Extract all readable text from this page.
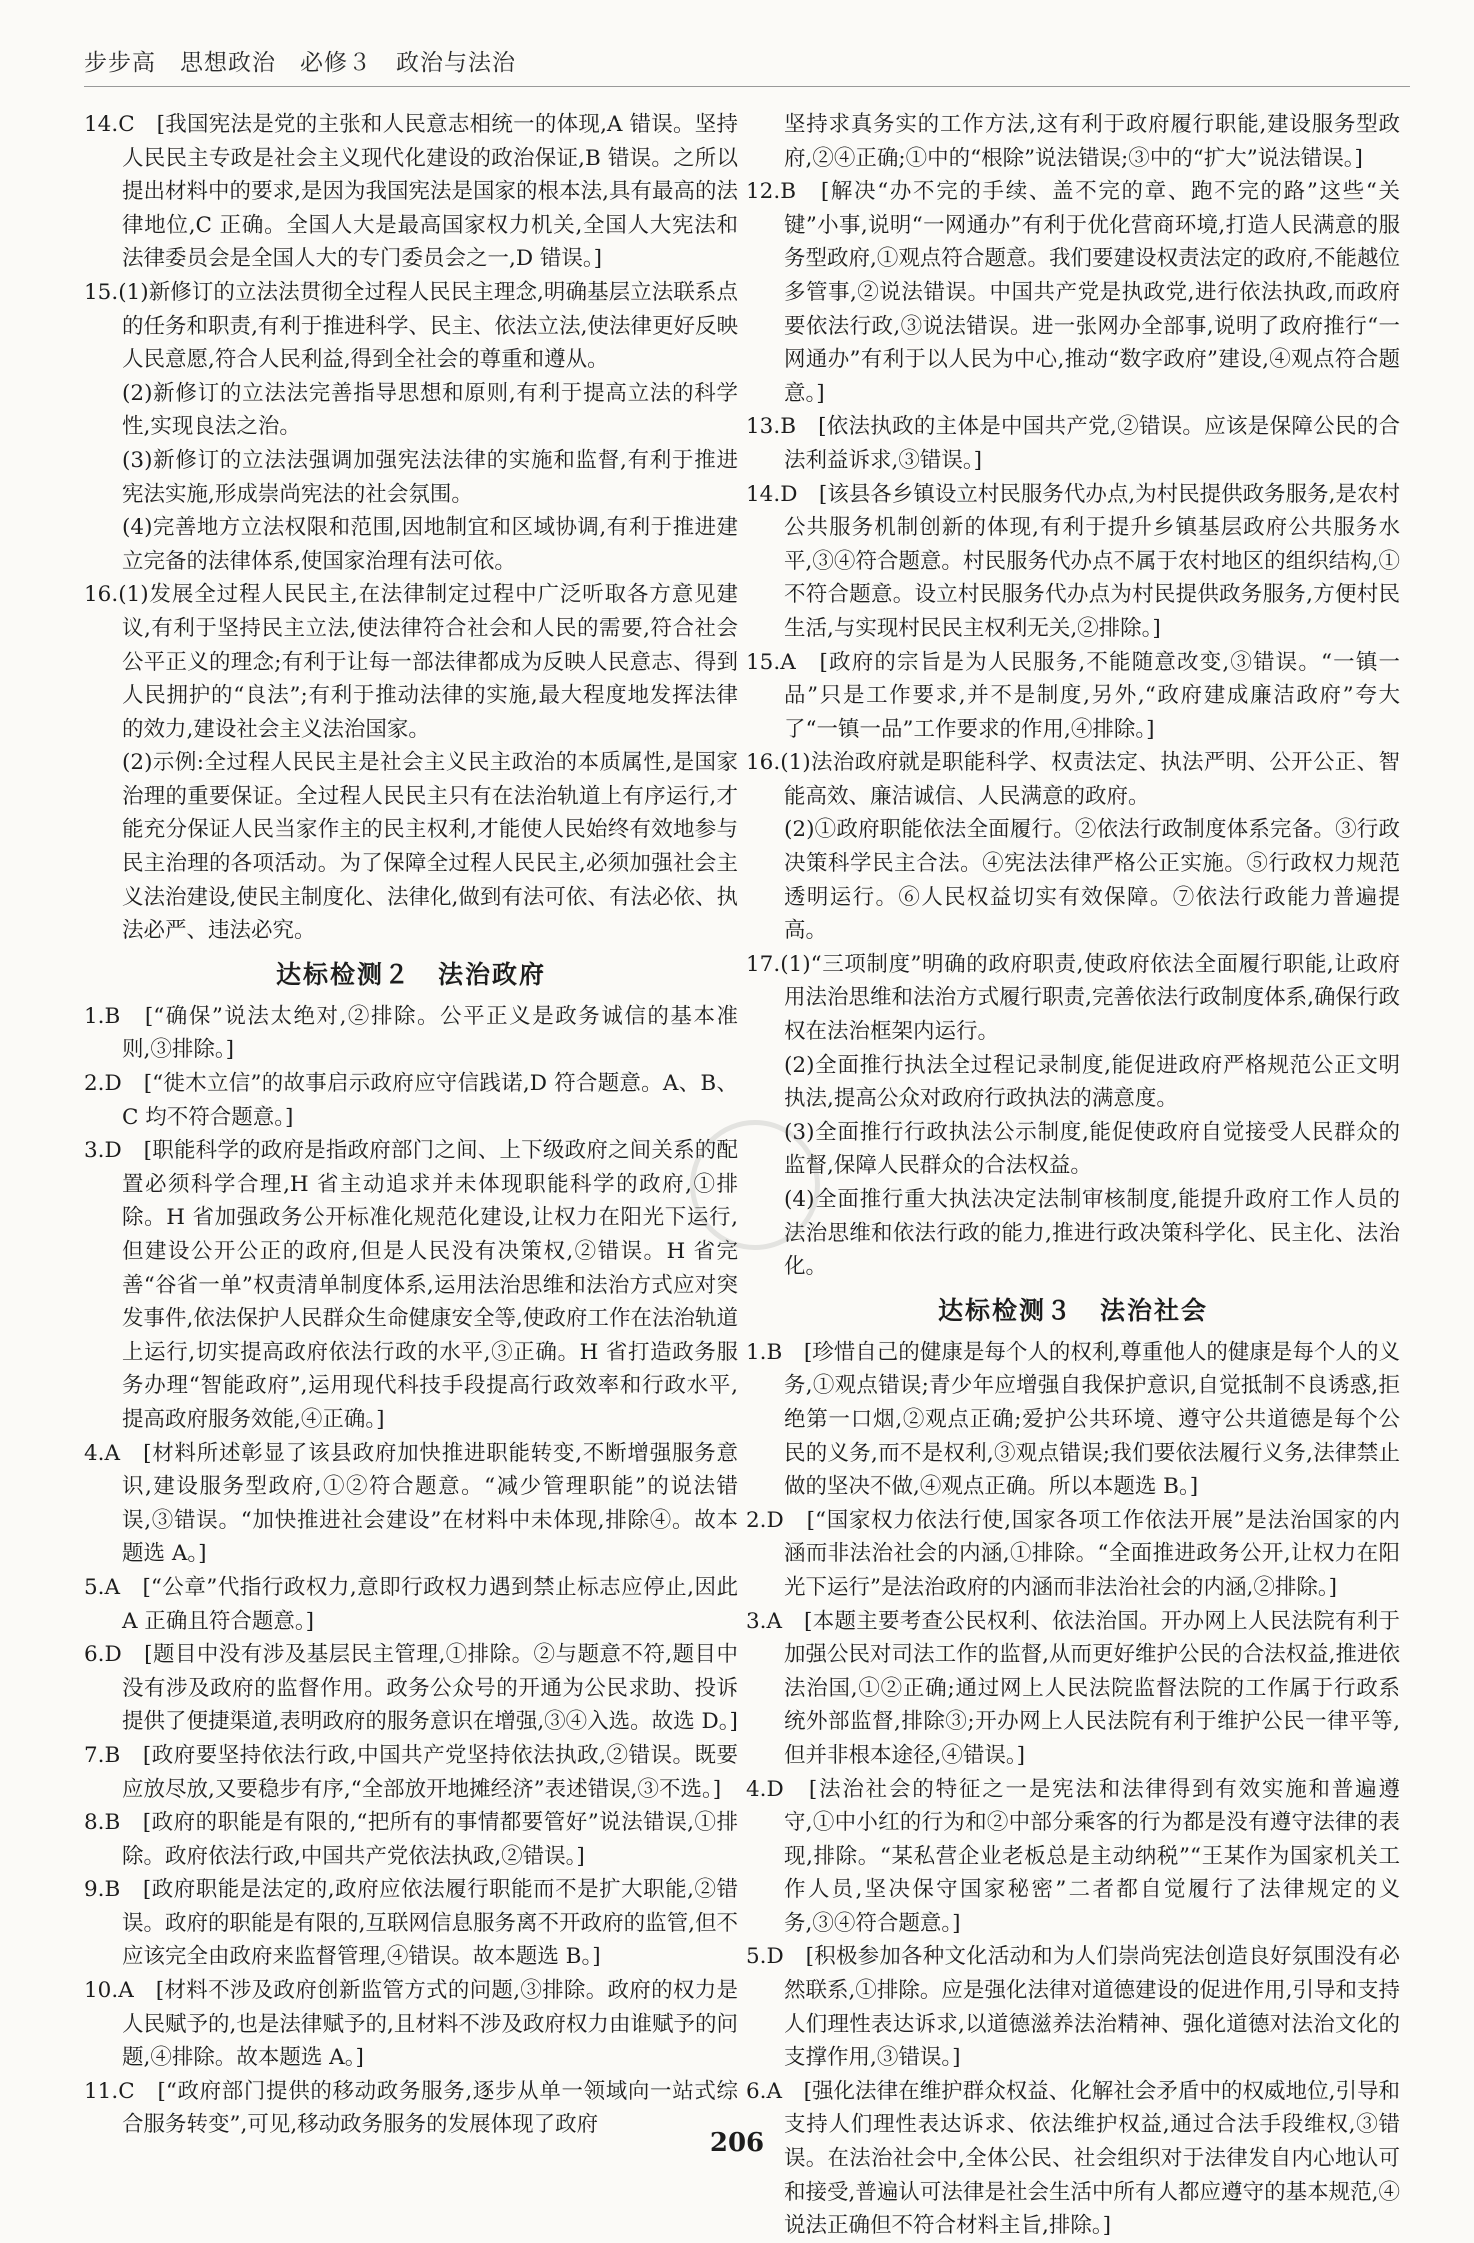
步步高　思想政治　必修３　政治与法治

14.C　[我国宪法是党的主张和人民意志相统一的体现,A 错误。坚持人民民主专政是社会主义现代化建设的政治保证,B 错误。之所以提出材料中的要求,是因为我国宪法是国家的根本法,具有最高的法律地位,C 正确。全国人大是最高国家权力机关,全国人大宪法和法律委员会是全国人大的专门委员会之一,D 错误。]

15.(1)新修订的立法法贯彻全过程人民民主理念,明确基层立法联系点的任务和职责,有利于推进科学、民主、依法立法,使法律更好反映人民意愿,符合人民利益,得到全社会的尊重和遵从。

(2)新修订的立法法完善指导思想和原则,有利于提高立法的科学性,实现良法之治。

(3)新修订的立法法强调加强宪法法律的实施和监督,有利于推进宪法实施,形成崇尚宪法的社会氛围。

(4)完善地方立法权限和范围,因地制宜和区域协调,有利于推进建立完备的法律体系,使国家治理有法可依。

16.(1)发展全过程人民民主,在法律制定过程中广泛听取各方意见建议,有利于坚持民主立法,使法律符合社会和人民的需要,符合社会公平正义的理念;有利于让每一部法律都成为反映人民意志、得到人民拥护的“良法”;有利于推动法律的实施,最大程度地发挥法律的效力,建设社会主义法治国家。

(2)示例:全过程人民民主是社会主义民主政治的本质属性,是国家治理的重要保证。全过程人民民主只有在法治轨道上有序运行,才能充分保证人民当家作主的民主权利,才能使人民始终有效地参与民主治理的各项活动。为了保障全过程人民民主,必须加强社会主义法治建设,使民主制度化、法律化,做到有法可依、有法必依、执法必严、违法必究。

达标检测２　法治政府

1.B　[“确保”说法太绝对,②排除。公平正义是政务诚信的基本准则,③排除。]

2.D　[“徙木立信”的故事启示政府应守信践诺,D 符合题意。A、B、C 均不符合题意。]

3.D　[职能科学的政府是指政府部门之间、上下级政府之间关系的配置必须科学合理,H 省主动追求并未体现职能科学的政府,①排除。H 省加强政务公开标准化规范化建设,让权力在阳光下运行,但建设公开公正的政府,但是人民没有决策权,②错误。H 省完善“谷省一单”权责清单制度体系,运用法治思维和法治方式应对突发事件,依法保护人民群众生命健康安全等,使政府工作在法治轨道上运行,切实提高政府依法行政的水平,③正确。H 省打造政务服务办理“智能政府”,运用现代科技手段提高行政效率和行政水平,提高政府服务效能,④正确。]

4.A　[材料所述彰显了该县政府加快推进职能转变,不断增强服务意识,建设服务型政府,①②符合题意。“减少管理职能”的说法错误,③错误。“加快推进社会建设”在材料中未体现,排除④。故本题选 A。]

5.A　[“公章”代指行政权力,意即行政权力遇到禁止标志应停止,因此 A 正确且符合题意。]

6.D　[题目中没有涉及基层民主管理,①排除。②与题意不符,题目中没有涉及政府的监督作用。政务公众号的开通为公民求助、投诉提供了便捷渠道,表明政府的服务意识在增强,③④入选。故选 D。]

7.B　[政府要坚持依法行政,中国共产党坚持依法执政,②错误。既要应放尽放,又要稳步有序,“全部放开地摊经济”表述错误,③不选。]

8.B　[政府的职能是有限的,“把所有的事情都要管好”说法错误,①排除。政府依法行政,中国共产党依法执政,②错误。]

9.B　[政府职能是法定的,政府应依法履行职能而不是扩大职能,②错误。政府的职能是有限的,互联网信息服务离不开政府的监管,但不应该完全由政府来监督管理,④错误。故本题选 B。]

10.A　[材料不涉及政府创新监管方式的问题,③排除。政府的权力是人民赋予的,也是法律赋予的,且材料不涉及政府权力由谁赋予的问题,④排除。故本题选 A。]

11.C　[“政府部门提供的移动政务服务,逐步从单一领域向一站式综合服务转变”,可见,移动政务服务的发展体现了政府

坚持求真务实的工作方法,这有利于政府履行职能,建设服务型政府,②④正确;①中的“根除”说法错误;③中的“扩大”说法错误。]

12.B　[解决“办不完的手续、盖不完的章、跑不完的路”这些“关键”小事,说明“一网通办”有利于优化营商环境,打造人民满意的服务型政府,①观点符合题意。我们要建设权责法定的政府,不能越位多管事,②说法错误。中国共产党是执政党,进行依法执政,而政府要依法行政,③说法错误。进一张网办全部事,说明了政府推行“一网通办”有利于以人民为中心,推动“数字政府”建设,④观点符合题意。]

13.B　[依法执政的主体是中国共产党,②错误。应该是保障公民的合法利益诉求,③错误。]

14.D　[该县各乡镇设立村民服务代办点,为村民提供政务服务,是农村公共服务机制创新的体现,有利于提升乡镇基层政府公共服务水平,③④符合题意。村民服务代办点不属于农村地区的组织结构,①不符合题意。设立村民服务代办点为村民提供政务服务,方便村民生活,与实现村民民主权利无关,②排除。]

15.A　[政府的宗旨是为人民服务,不能随意改变,③错误。“一镇一品”只是工作要求,并不是制度,另外,“政府建成廉洁政府”夸大了“一镇一品”工作要求的作用,④排除。]

16.(1)法治政府就是职能科学、权责法定、执法严明、公开公正、智能高效、廉洁诚信、人民满意的政府。

(2)①政府职能依法全面履行。②依法行政制度体系完备。③行政决策科学民主合法。④宪法法律严格公正实施。⑤行政权力规范透明运行。⑥人民权益切实有效保障。⑦依法行政能力普遍提高。

17.(1)“三项制度”明确的政府职责,使政府依法全面履行职能,让政府用法治思维和法治方式履行职责,完善依法行政制度体系,确保行政权在法治框架内运行。

(2)全面推行执法全过程记录制度,能促进政府严格规范公正文明执法,提高公众对政府行政执法的满意度。

(3)全面推行行政执法公示制度,能促使政府自觉接受人民群众的监督,保障人民群众的合法权益。

(4)全面推行重大执法决定法制审核制度,能提升政府工作人员的法治思维和依法行政的能力,推进行政决策科学化、民主化、法治化。

达标检测３　法治社会

1.B　[珍惜自己的健康是每个人的权利,尊重他人的健康是每个人的义务,①观点错误;青少年应增强自我保护意识,自觉抵制不良诱惑,拒绝第一口烟,②观点正确;爱护公共环境、遵守公共道德是每个公民的义务,而不是权利,③观点错误;我们要依法履行义务,法律禁止做的坚决不做,④观点正确。所以本题选 B。]

2.D　[“国家权力依法行使,国家各项工作依法开展”是法治国家的内涵而非法治社会的内涵,①排除。“全面推进政务公开,让权力在阳光下运行”是法治政府的内涵而非法治社会的内涵,②排除。]

3.A　[本题主要考查公民权利、依法治国。开办网上人民法院有利于加强公民对司法工作的监督,从而更好维护公民的合法权益,推进依法治国,①②正确;通过网上人民法院监督法院的工作属于行政系统外部监督,排除③;开办网上人民法院有利于维护公民一律平等,但并非根本途径,④错误。]

4.D　[法治社会的特征之一是宪法和法律得到有效实施和普遍遵守,①中小红的行为和②中部分乘客的行为都是没有遵守法律的表现,排除。“某私营企业老板总是主动纳税”“王某作为国家机关工作人员,坚决保守国家秘密”二者都自觉履行了法律规定的义务,③④符合题意。]

5.D　[积极参加各种文化活动和为人们崇尚宪法创造良好氛围没有必然联系,①排除。应是强化法律对道德建设的促进作用,引导和支持人们理性表达诉求,以道德滋养法治精神、强化道德对法治文化的支撑作用,③错误。]

6.A　[强化法律在维护群众权益、化解社会矛盾中的权威地位,引导和支持人们理性表达诉求、依法维护权益,通过合法手段维权,③错误。在法治社会中,全体公民、社会组织对于法律发自内心地认可和接受,普遍认可法律是社会生活中所有人都应遵守的基本规范,④说法正确但不符合材料主旨,排除。]

206
